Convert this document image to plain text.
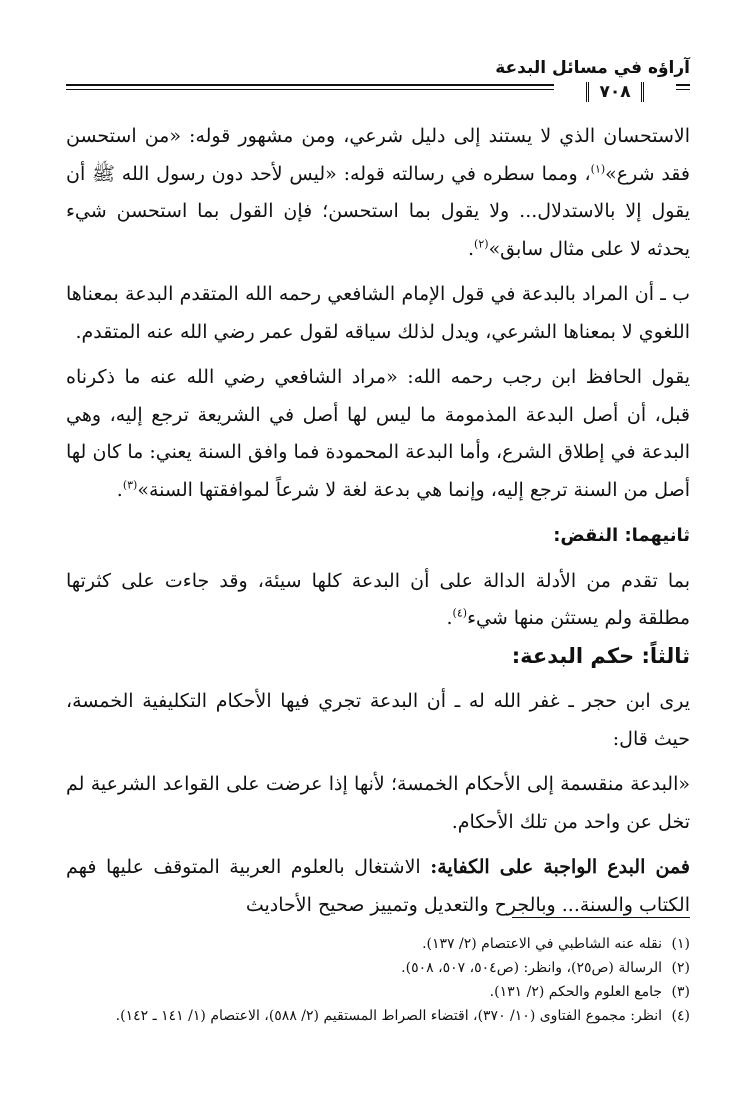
آراؤه في مسائل البدعة
٧٠٨

الاستحسان الذي لا يستند إلى دليل شرعي، ومن مشهور قوله: «من استحسن فقد شرع»$^{(١)}$، ومما سطره في رسالته قوله: «ليس لأحد دون رسول الله ﷺ أن يقول إلا بالاستدلال... ولا يقول بما استحسن؛ فإن القول بما استحسن شيء يحدثه لا على مثال سابق»$^{(٢)}$.

ب ـ أن المراد بالبدعة في قول الإمام الشافعي رحمه الله المتقدم البدعة بمعناها اللغوي لا بمعناها الشرعي، ويدل لذلك سياقه لقول عمر رضي الله عنه المتقدم.

يقول الحافظ ابن رجب رحمه الله: «مراد الشافعي رضي الله عنه ما ذكرناه قبل، أن أصل البدعة المذمومة ما ليس لها أصل في الشريعة ترجع إليه، وهي البدعة في إطلاق الشرع، وأما البدعة المحمودة فما وافق السنة يعني: ما كان لها أصل من السنة ترجع إليه، وإنما هي بدعة لغة لا شرعاً لموافقتها السنة»$^{(٣)}$.

ثانيهما: النقض:

بما تقدم من الأدلة الدالة على أن البدعة كلها سيئة، وقد جاءت على كثرتها مطلقة ولم يستثن منها شيء$^{(٤)}$.

ثالثاً: حكم البدعة:

يرى ابن حجر ـ غفر الله له ـ أن البدعة تجري فيها الأحكام التكليفية الخمسة، حيث قال:

«البدعة منقسمة إلى الأحكام الخمسة؛ لأنها إذا عرضت على القواعد الشرعية لم تخل عن واحد من تلك الأحكام.

فمن البدع الواجبة على الكفاية: الاشتغال بالعلوم العربية المتوقف عليها فهم الكتاب والسنة... وبالجرح والتعديل وتمييز صحيح الأحاديث

(١)
نقله عنه الشاطبي في الاعتصام (٢/ ١٣٧).
(٢)
الرسالة (ص٢٥)، وانظر: (ص٥٠٤، ٥٠٧، ٥٠٨).
(٣)
جامع العلوم والحكم (٢/ ١٣١).
(٤)
انظر: مجموع الفتاوى (١٠/ ٣٧٠)، اقتضاء الصراط المستقيم (٢/ ٥٨٨)، الاعتصام (١/ ١٤١ ـ ١٤٢).
